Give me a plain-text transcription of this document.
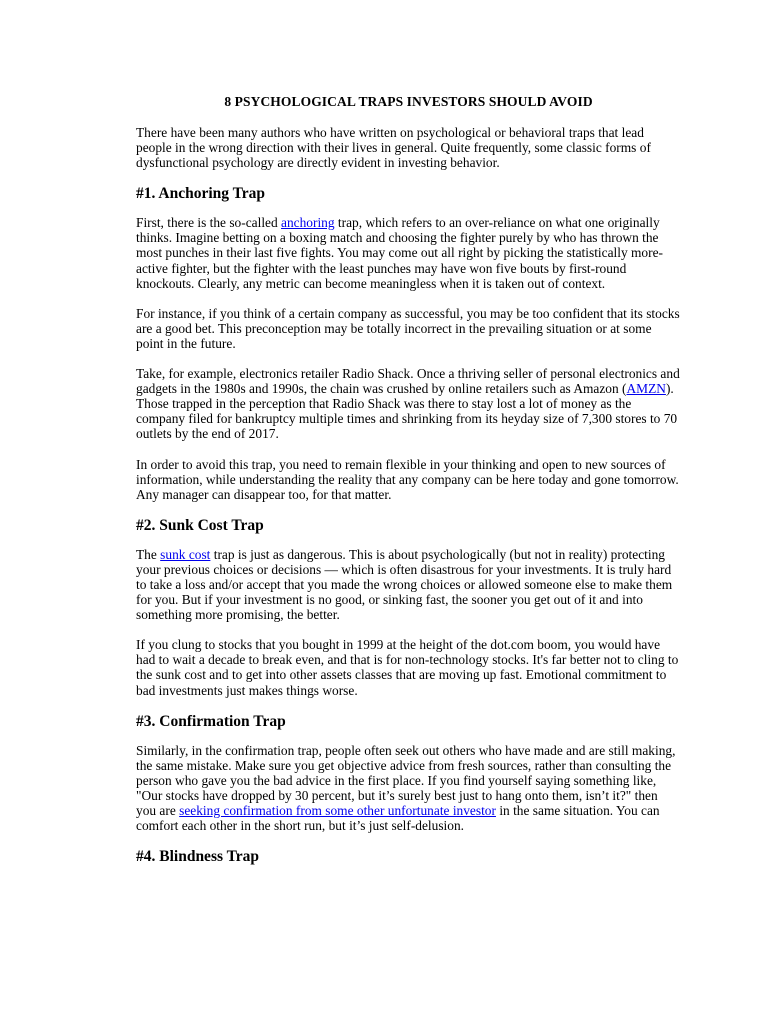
8 PSYCHOLOGICAL TRAPS INVESTORS SHOULD AVOID

There have been many authors who have written on psychological or behavioral traps that lead people in the wrong direction with their lives in general. Quite frequently, some classic forms of dysfunctional psychology are directly evident in investing behavior.

#1. Anchoring Trap

First, there is the so-called anchoring trap, which refers to an over-reliance on what one originally thinks. Imagine betting on a boxing match and choosing the fighter purely by who has thrown the most punches in their last five fights. You may come out all right by picking the statistically more-active fighter, but the fighter with the least punches may have won five bouts by first-round knockouts. Clearly, any metric can become meaningless when it is taken out of context.

For instance, if you think of a certain company as successful, you may be too confident that its stocks are a good bet. This preconception may be totally incorrect in the prevailing situation or at some point in the future.

Take, for example, electronics retailer Radio Shack. Once a thriving seller of personal electronics and gadgets in the 1980s and 1990s, the chain was crushed by online retailers such as Amazon (AMZN). Those trapped in the perception that Radio Shack was there to stay lost a lot of money as the company filed for bankruptcy multiple times and shrinking from its heyday size of 7,300 stores to 70 outlets by the end of 2017.

In order to avoid this trap, you need to remain flexible in your thinking and open to new sources of information, while understanding the reality that any company can be here today and gone tomorrow. Any manager can disappear too, for that matter.

#2. Sunk Cost Trap

The sunk cost trap is just as dangerous. This is about psychologically (but not in reality) protecting your previous choices or decisions — which is often disastrous for your investments. It is truly hard to take a loss and/or accept that you made the wrong choices or allowed someone else to make them for you. But if your investment is no good, or sinking fast, the sooner you get out of it and into something more promising, the better.

If you clung to stocks that you bought in 1999 at the height of the dot.com boom, you would have had to wait a decade to break even, and that is for non-technology stocks. It's far better not to cling to the sunk cost and to get into other assets classes that are moving up fast. Emotional commitment to bad investments just makes things worse.

#3. Confirmation Trap

Similarly, in the confirmation trap, people often seek out others who have made and are still making, the same mistake. Make sure you get objective advice from fresh sources, rather than consulting the person who gave you the bad advice in the first place. If you find yourself saying something like, "Our stocks have dropped by 30 percent, but it’s surely best just to hang onto them, isn’t it?" then you are seeking confirmation from some other unfortunate investor in the same situation. You can comfort each other in the short run, but it’s just self-delusion.

#4. Blindness Trap
